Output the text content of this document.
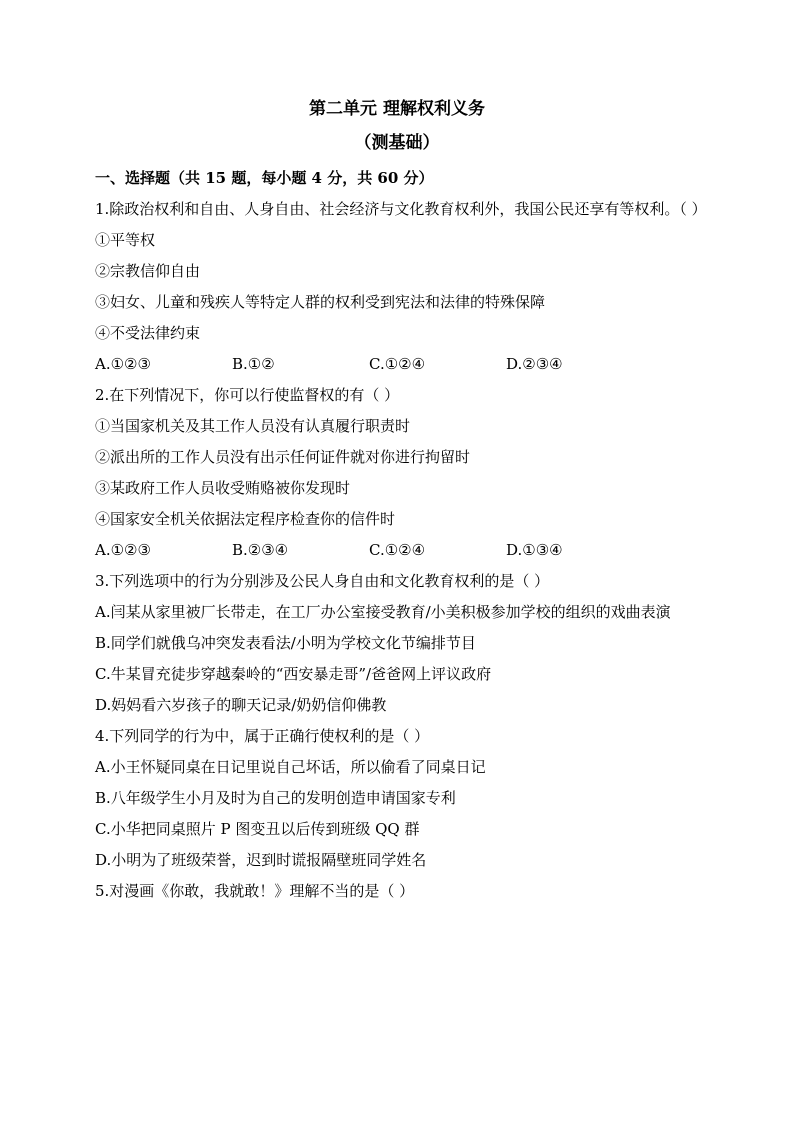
第二单元 理解权利义务
（测基础）
一、选择题（共 15 题，每小题 4 分，共 60 分）
1.除政治权利和自由、人身自由、社会经济与文化教育权利外，我国公民还享有等权利。（ ）
①平等权
②宗教信仰自由
③妇女、儿童和残疾人等特定人群的权利受到宪法和法律的特殊保障
④不受法律约束
A.①②③	B.①②	C.①②④	D.②③④
2.在下列情况下，你可以行使监督权的有（ ）
①当国家机关及其工作人员没有认真履行职责时
②派出所的工作人员没有出示任何证件就对你进行拘留时
③某政府工作人员收受贿赂被你发现时
④国家安全机关依据法定程序检查你的信件时
A.①②③	B.②③④	C.①②④	D.①③④
3.下列选项中的行为分别涉及公民人身自由和文化教育权利的是（ ）
A.闫某从家里被厂长带走，在工厂办公室接受教育/小美积极参加学校的组织的戏曲表演
B.同学们就俄乌冲突发表看法/小明为学校文化节编排节目
C.牛某冒充徒步穿越秦岭的“西安暴走哥”/爸爸网上评议政府
D.妈妈看六岁孩子的聊天记录/奶奶信仰佛教
4.下列同学的行为中，属于正确行使权利的是（ ）
A.小王怀疑同桌在日记里说自己坏话，所以偷看了同桌日记
B.八年级学生小月及时为自己的发明创造申请国家专利
C.小华把同桌照片 P 图变丑以后传到班级 QQ 群
D.小明为了班级荣誉，迟到时谎报隔壁班同学姓名
5.对漫画《你敢，我就敢！》理解不当的是（ ）
